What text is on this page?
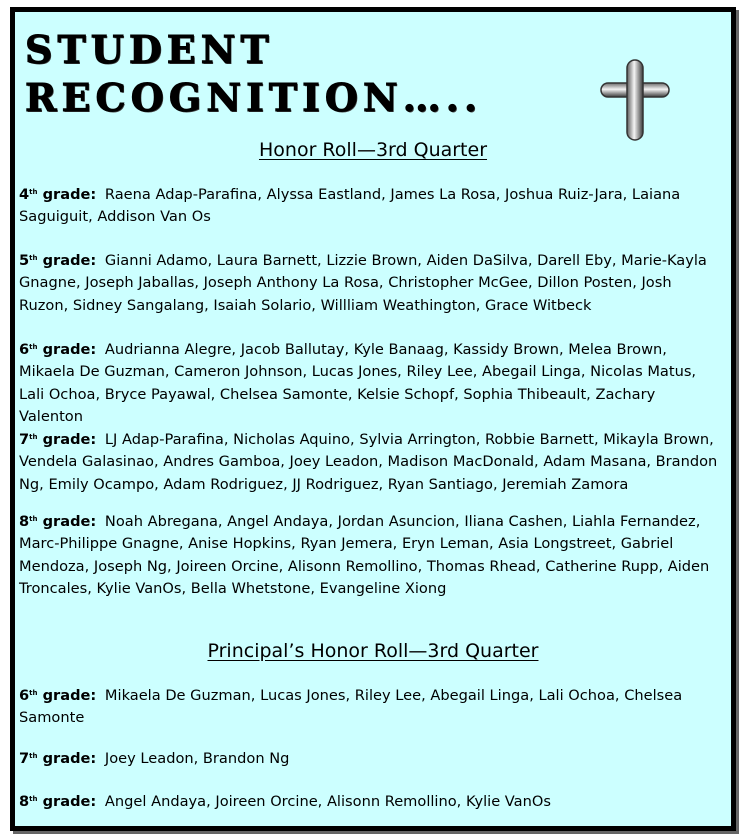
STUDENT
RECOGNITION…..
Honor Roll—3rd Quarter
4th grade: Raena Adap-Parafina, Alyssa Eastland, James La Rosa, Joshua Ruiz-Jara, Laiana Saguiguit, Addison Van Os
5th grade: Gianni Adamo, Laura Barnett, Lizzie Brown, Aiden DaSilva, Darell Eby, Marie-Kayla Gnagne, Joseph Jaballas, Joseph Anthony La Rosa, Christopher McGee, Dillon Posten, Josh Ruzon, Sidney Sangalang, Isaiah Solario, Willliam Weathington, Grace Witbeck
6th grade: Audrianna Alegre, Jacob Ballutay, Kyle Banaag, Kassidy Brown, Melea Brown, Mikaela De Guzman, Cameron Johnson, Lucas Jones, Riley Lee, Abegail Linga, Nicolas Matus, Lali Ochoa, Bryce Payawal, Chelsea Samonte, Kelsie Schopf, Sophia Thibeault, Zachary Valenton
7th grade: LJ Adap-Parafina, Nicholas Aquino, Sylvia Arrington, Robbie Barnett, Mikayla Brown, Vendela Galasinao, Andres Gamboa, Joey Leadon, Madison MacDonald, Adam Masana, Brandon Ng, Emily Ocampo, Adam Rodriguez, JJ Rodriguez, Ryan Santiago, Jeremiah Zamora
8th grade: Noah Abregana, Angel Andaya, Jordan Asuncion, Iliana Cashen, Liahla Fernandez, Marc-Philippe Gnagne, Anise Hopkins, Ryan Jemera, Eryn Leman, Asia Longstreet, Gabriel Mendoza, Joseph Ng, Joireen Orcine, Alisonn Remollino, Thomas Rhead, Catherine Rupp, Aiden Troncales, Kylie VanOs, Bella Whetstone, Evangeline Xiong
Principal’s Honor Roll—3rd Quarter
6th grade: Mikaela De Guzman, Lucas Jones, Riley Lee, Abegail Linga, Lali Ochoa, Chelsea Samonte
7th grade: Joey Leadon, Brandon Ng
8th grade: Angel Andaya, Joireen Orcine, Alisonn Remollino, Kylie VanOs
